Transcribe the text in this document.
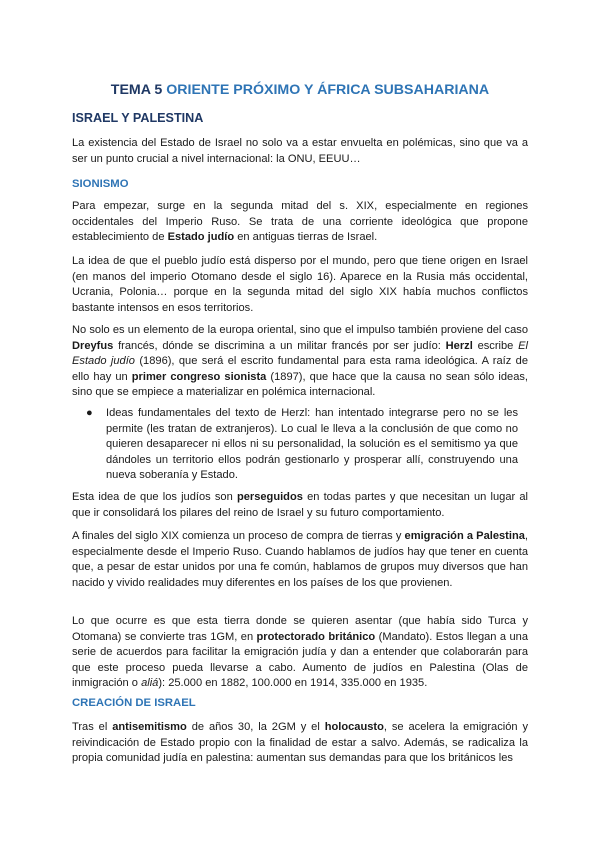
TEMA 5 ORIENTE PRÓXIMO Y ÁFRICA SUBSAHARIANA
ISRAEL Y PALESTINA

La existencia del Estado de Israel no solo va a estar envuelta en polémicas, sino que va a ser un punto crucial a nivel internacional: la ONU, EEUU…

SIONISMO

Para empezar, surge en la segunda mitad del s. XIX, especialmente en regiones occidentales del Imperio Ruso. Se trata de una corriente ideológica que propone establecimiento de Estado judío en antiguas tierras de Israel.

La idea de que el pueblo judío está disperso por el mundo, pero que tiene origen en Israel (en manos del imperio Otomano desde el siglo 16). Aparece en la Rusia más occidental, Ucrania, Polonia… porque en la segunda mitad del siglo XIX había muchos conflictos bastante intensos en esos territorios.

No solo es un elemento de la europa oriental, sino que el impulso también proviene del caso Dreyfus francés, dónde se discrimina a un militar francés por ser judío: Herzl escribe El Estado judío (1896), que será el escrito fundamental para esta rama ideológica. A raíz de ello hay un primer congreso sionista (1897), que hace que la causa no sean sólo ideas, sino que se empiece a materializar en polémica internacional.

● Ideas fundamentales del texto de Herzl: han intentado integrarse pero no se les permite (les tratan de extranjeros). Lo cual le lleva a la conclusión de que como no quieren desaparecer ni ellos ni su personalidad, la solución es el semitismo ya que dándoles un territorio ellos podrán gestionarlo y prosperar allí, construyendo una nueva soberanía y Estado.

Esta idea de que los judíos son perseguidos en todas partes y que necesitan un lugar al que ir consolidará los pilares del reino de Israel y su futuro comportamiento.

A finales del siglo XIX comienza un proceso de compra de tierras y emigración a Palestina, especialmente desde el Imperio Ruso. Cuando hablamos de judíos hay que tener en cuenta que, a pesar de estar unidos por una fe común, hablamos de grupos muy diversos que han nacido y vivido realidades muy diferentes en los países de los que provienen.

Lo que ocurre es que esta tierra donde se quieren asentar (que había sido Turca y Otomana) se convierte tras 1GM, en protectorado británico (Mandato). Estos llegan a una serie de acuerdos para facilitar la emigración judía y dan a entender que colaborarán para que este proceso pueda llevarse a cabo. Aumento de judíos en Palestina (Olas de inmigración o aliá): 25.000 en 1882, 100.000 en 1914, 335.000 en 1935.

CREACIÓN DE ISRAEL

Tras el antisemitismo de años 30, la 2GM y el holocausto, se acelera la emigración y reivindicación de Estado propio con la finalidad de estar a salvo. Además, se radicaliza la propia comunidad judía en palestina: aumentan sus demandas para que los británicos les
